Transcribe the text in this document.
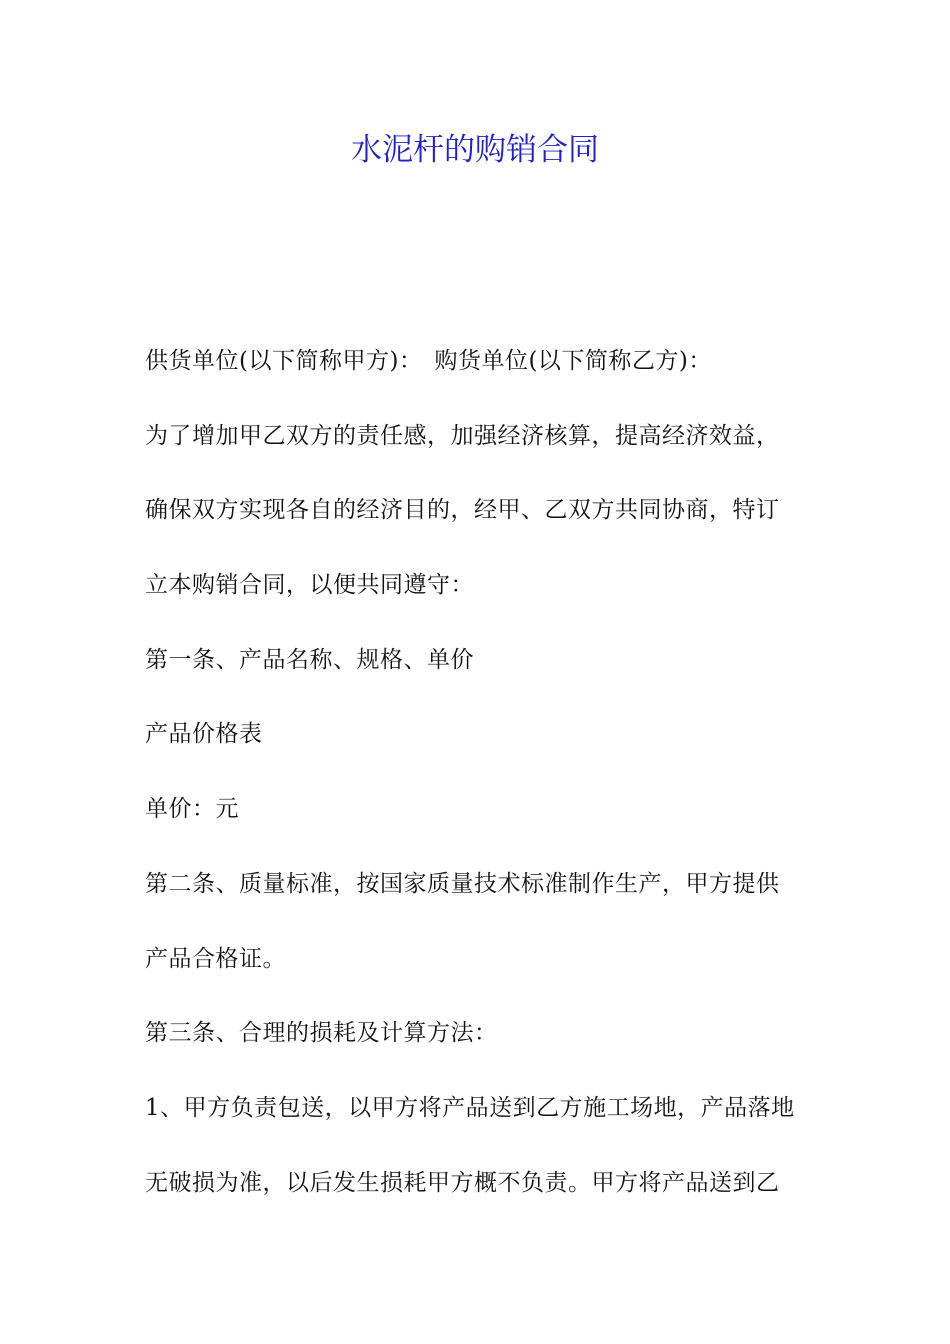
水泥杆的购销合同
供货单位(以下简称甲方)：　购货单位(以下简称乙方)：
为了增加甲乙双方的责任感，加强经济核算，提高经济效益，
确保双方实现各自的经济目的，经甲、乙双方共同协商，特订
立本购销合同，以便共同遵守：
第一条、产品名称、规格、单价
产品价格表
单价：元
第二条、质量标准，按国家质量技术标准制作生产，甲方提供
产品合格证。
第三条、合理的损耗及计算方法：
1、甲方负责包送，以甲方将产品送到乙方施工场地，产品落地
无破损为准，以后发生损耗甲方概不负责。甲方将产品送到乙
